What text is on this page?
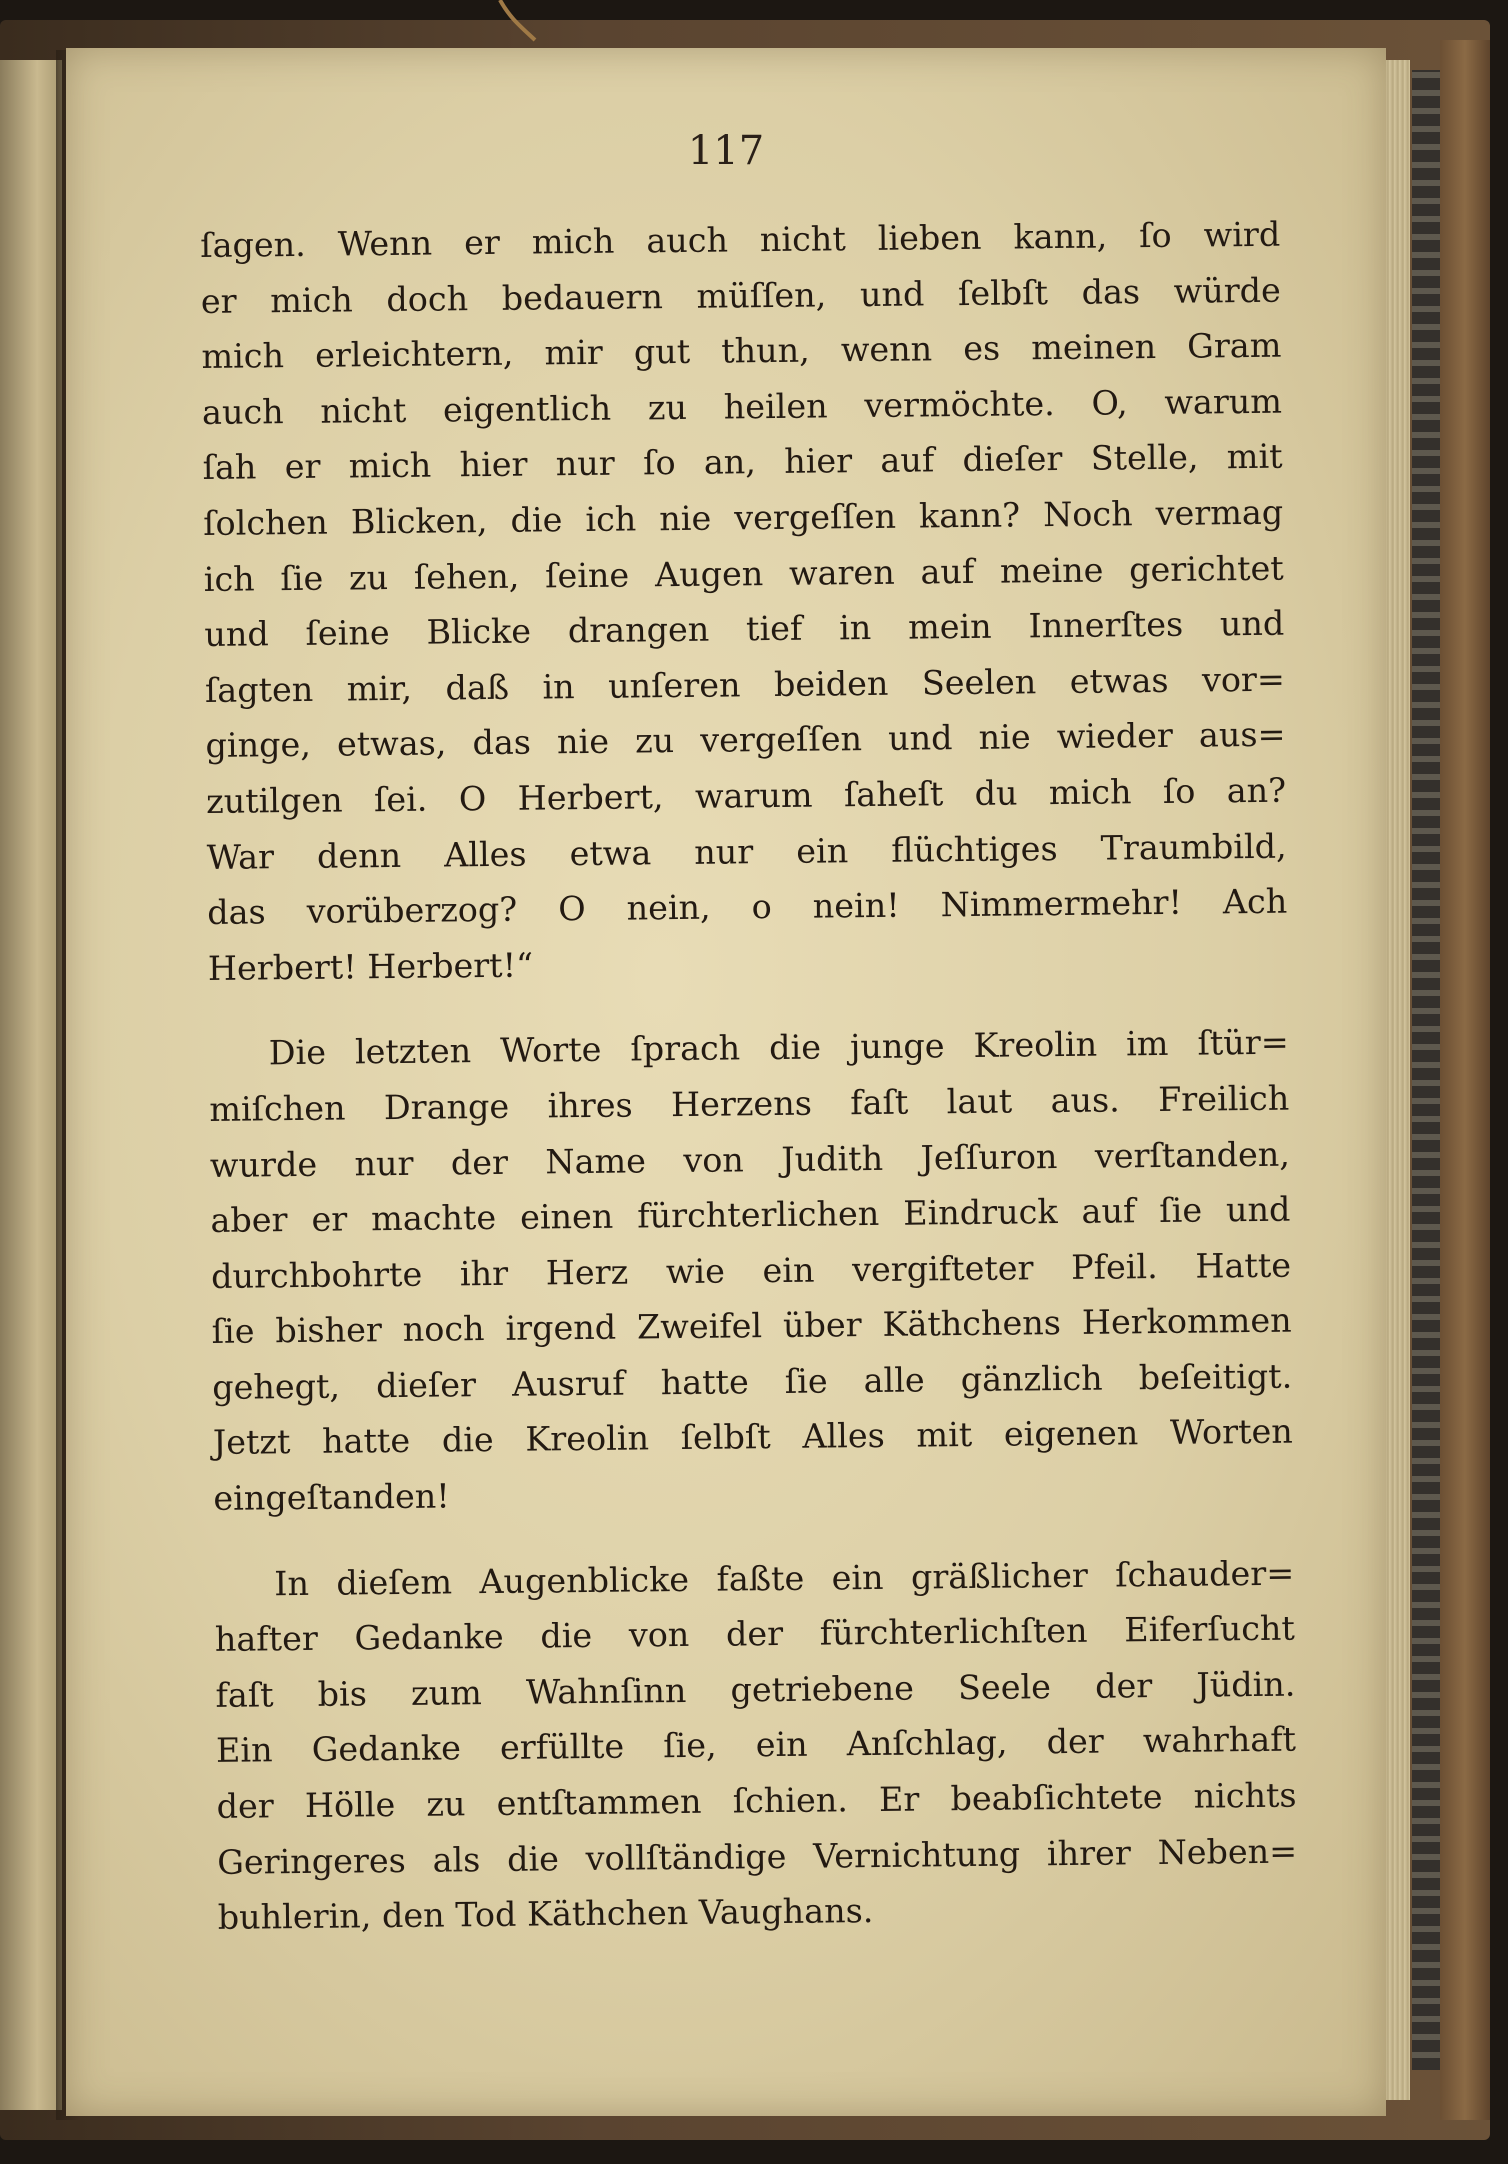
117
ſagen. Wenn er mich auch nicht lieben kann, ſo wird
er mich doch bedauern müſſen, und ſelbſt das würde
mich erleichtern, mir gut thun, wenn es meinen Gram
auch nicht eigentlich zu heilen vermöchte. O, warum
ſah er mich hier nur ſo an, hier auf dieſer Stelle, mit
ſolchen Blicken, die ich nie vergeſſen kann? Noch vermag
ich ſie zu ſehen, ſeine Augen waren auf meine gerichtet
und ſeine Blicke drangen tief in mein Innerſtes und
ſagten mir, daß in unſeren beiden Seelen etwas vor=
ginge, etwas, das nie zu vergeſſen und nie wieder aus=
zutilgen ſei. O Herbert, warum ſaheſt du mich ſo an?
War denn Alles etwa nur ein flüchtiges Traumbild,
das vorüberzog? O nein, o nein! Nimmermehr! Ach
Herbert! Herbert!“
Die letzten Worte ſprach die junge Kreolin im ſtür=
miſchen Drange ihres Herzens faſt laut aus. Freilich
wurde nur der Name von Judith Jeſſuron verſtanden,
aber er machte einen fürchterlichen Eindruck auf ſie und
durchbohrte ihr Herz wie ein vergifteter Pfeil. Hatte
ſie bisher noch irgend Zweifel über Käthchens Herkommen
gehegt, dieſer Ausruf hatte ſie alle gänzlich beſeitigt.
Jetzt hatte die Kreolin ſelbſt Alles mit eigenen Worten
eingeſtanden!
In dieſem Augenblicke faßte ein gräßlicher ſchauder=
hafter Gedanke die von der fürchterlichſten Eiferſucht
faſt bis zum Wahnſinn getriebene Seele der Jüdin.
Ein Gedanke erfüllte ſie, ein Anſchlag, der wahrhaft
der Hölle zu entſtammen ſchien. Er beabſichtete nichts
Geringeres als die vollſtändige Vernichtung ihrer Neben=
buhlerin, den Tod Käthchen Vaughans.
